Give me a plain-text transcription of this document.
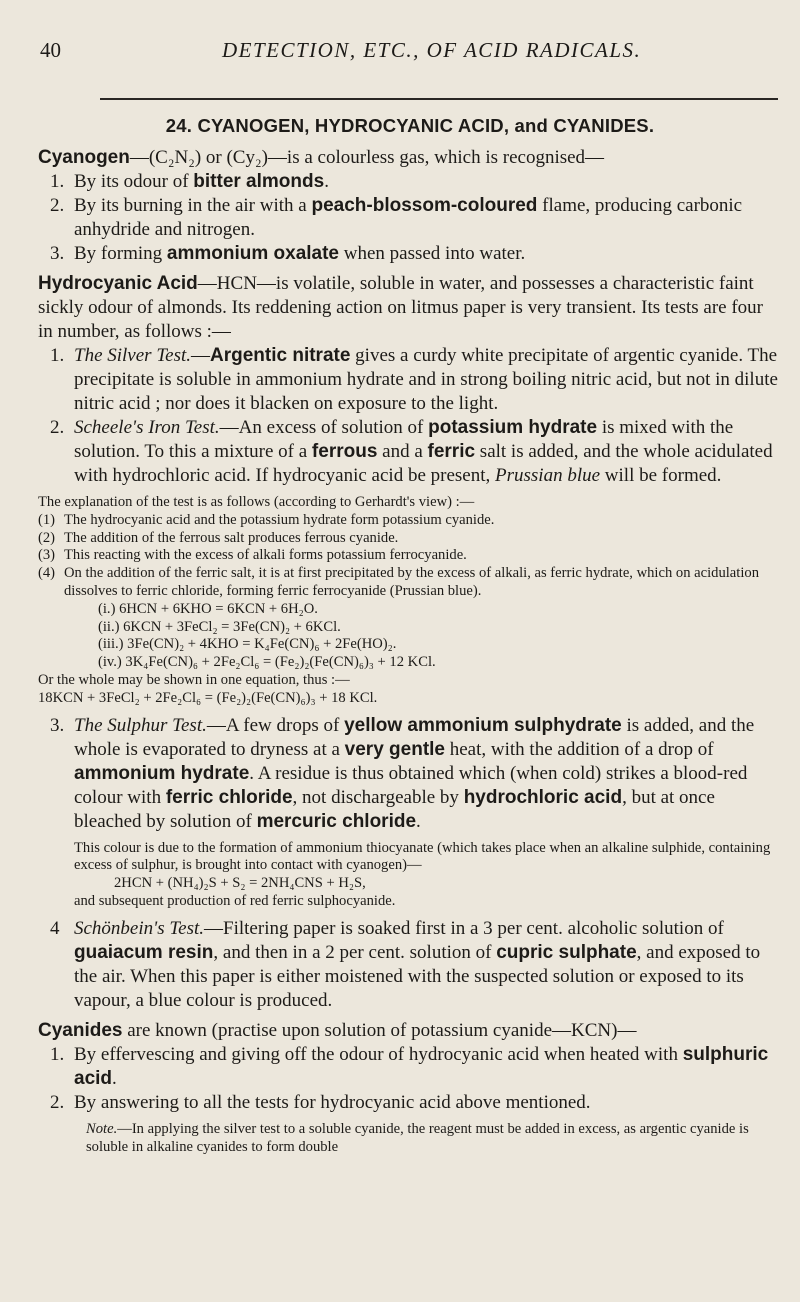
40	DETECTION, ETC., OF ACID RADICALS.
24. CYANOGEN, HYDROCYANIC ACID, and CYANIDES.

Cyanogen—(C₂N₂) or (Cy₂)—is a colourless gas, which is recognised—

1. By its odour of bitter almonds.

2. By its burning in the air with a peach-blossom-coloured flame, producing carbonic anhydride and nitrogen.

3. By forming ammonium oxalate when passed into water.

Hydrocyanic Acid—HCN—is volatile, soluble in water, and possesses a characteristic faint sickly odour of almonds. Its reddening action on litmus paper is very transient. Its tests are four in number, as follows :—

1. The Silver Test.—Argentic nitrate gives a curdy white precipitate of argentic cyanide. The precipitate is soluble in ammonium hydrate and in strong boiling nitric acid, but not in dilute nitric acid ; nor does it blacken on exposure to the light.

2. Scheele's Iron Test.—An excess of solution of potassium hydrate is mixed with the solution. To this a mixture of a ferrous and a ferric salt is added, and the whole acidulated with hydrochloric acid. If hydrocyanic acid be present, Prussian blue will be formed.

The explanation of the test is as follows (according to Gerhardt's view) :—

(1) The hydrocyanic acid and the potassium hydrate form potassium cyanide.

(2) The addition of the ferrous salt produces ferrous cyanide.

(3) This reacting with the excess of alkali forms potassium ferrocyanide.

(4) On the addition of the ferric salt, it is at first precipitated by the excess of alkali, as ferric hydrate, which on acidulation dissolves to ferric chloride, forming ferric ferrocyanide (Prussian blue).

(i.) 6HCN + 6KHO = 6KCN + 6H₂O.

(ii.) 6KCN + 3FeCl₂ = 3Fe(CN)₂ + 6KCl.

(iii.) 3Fe(CN)₂ + 4KHO = K₄Fe(CN)₆ + 2Fe(HO)₂.

(iv.) 3K₄Fe(CN)₆ + 2Fe₂Cl₆ = (Fe₂)₂(Fe(CN)₆)₃ + 12 KCl.

Or the whole may be shown in one equation, thus :—

18KCN + 3FeCl₂ + 2Fe₂Cl₆ = (Fe₂)₂(Fe(CN)₆)₃ + 18 KCl.

3. The Sulphur Test.—A few drops of yellow ammonium sulphydrate is added, and the whole is evaporated to dryness at a very gentle heat, with the addition of a drop of ammonium hydrate. A residue is thus obtained which (when cold) strikes a blood-red colour with ferric chloride, not dischargeable by hydrochloric acid, but at once bleached by solution of mercuric chloride.

This colour is due to the formation of ammonium thiocyanate (which takes place when an alkaline sulphide, containing excess of sulphur, is brought into contact with cyanogen)—

2HCN + (NH₄)₂S + S₂ = 2NH₄CNS + H₂S,

and subsequent production of red ferric sulphocyanide.

4 Schönbein's Test.—Filtering paper is soaked first in a 3 per cent. alcoholic solution of guaiacum resin, and then in a 2 per cent. solution of cupric sulphate, and exposed to the air. When this paper is either moistened with the suspected solution or exposed to its vapour, a blue colour is produced.

Cyanides are known (practise upon solution of potassium cyanide—KCN)—

1. By effervescing and giving off the odour of hydrocyanic acid when heated with sulphuric acid.

2. By answering to all the tests for hydrocyanic acid above mentioned.

Note.—In applying the silver test to a soluble cyanide, the reagent must be added in excess, as argentic cyanide is soluble in alkaline cyanides to form double
